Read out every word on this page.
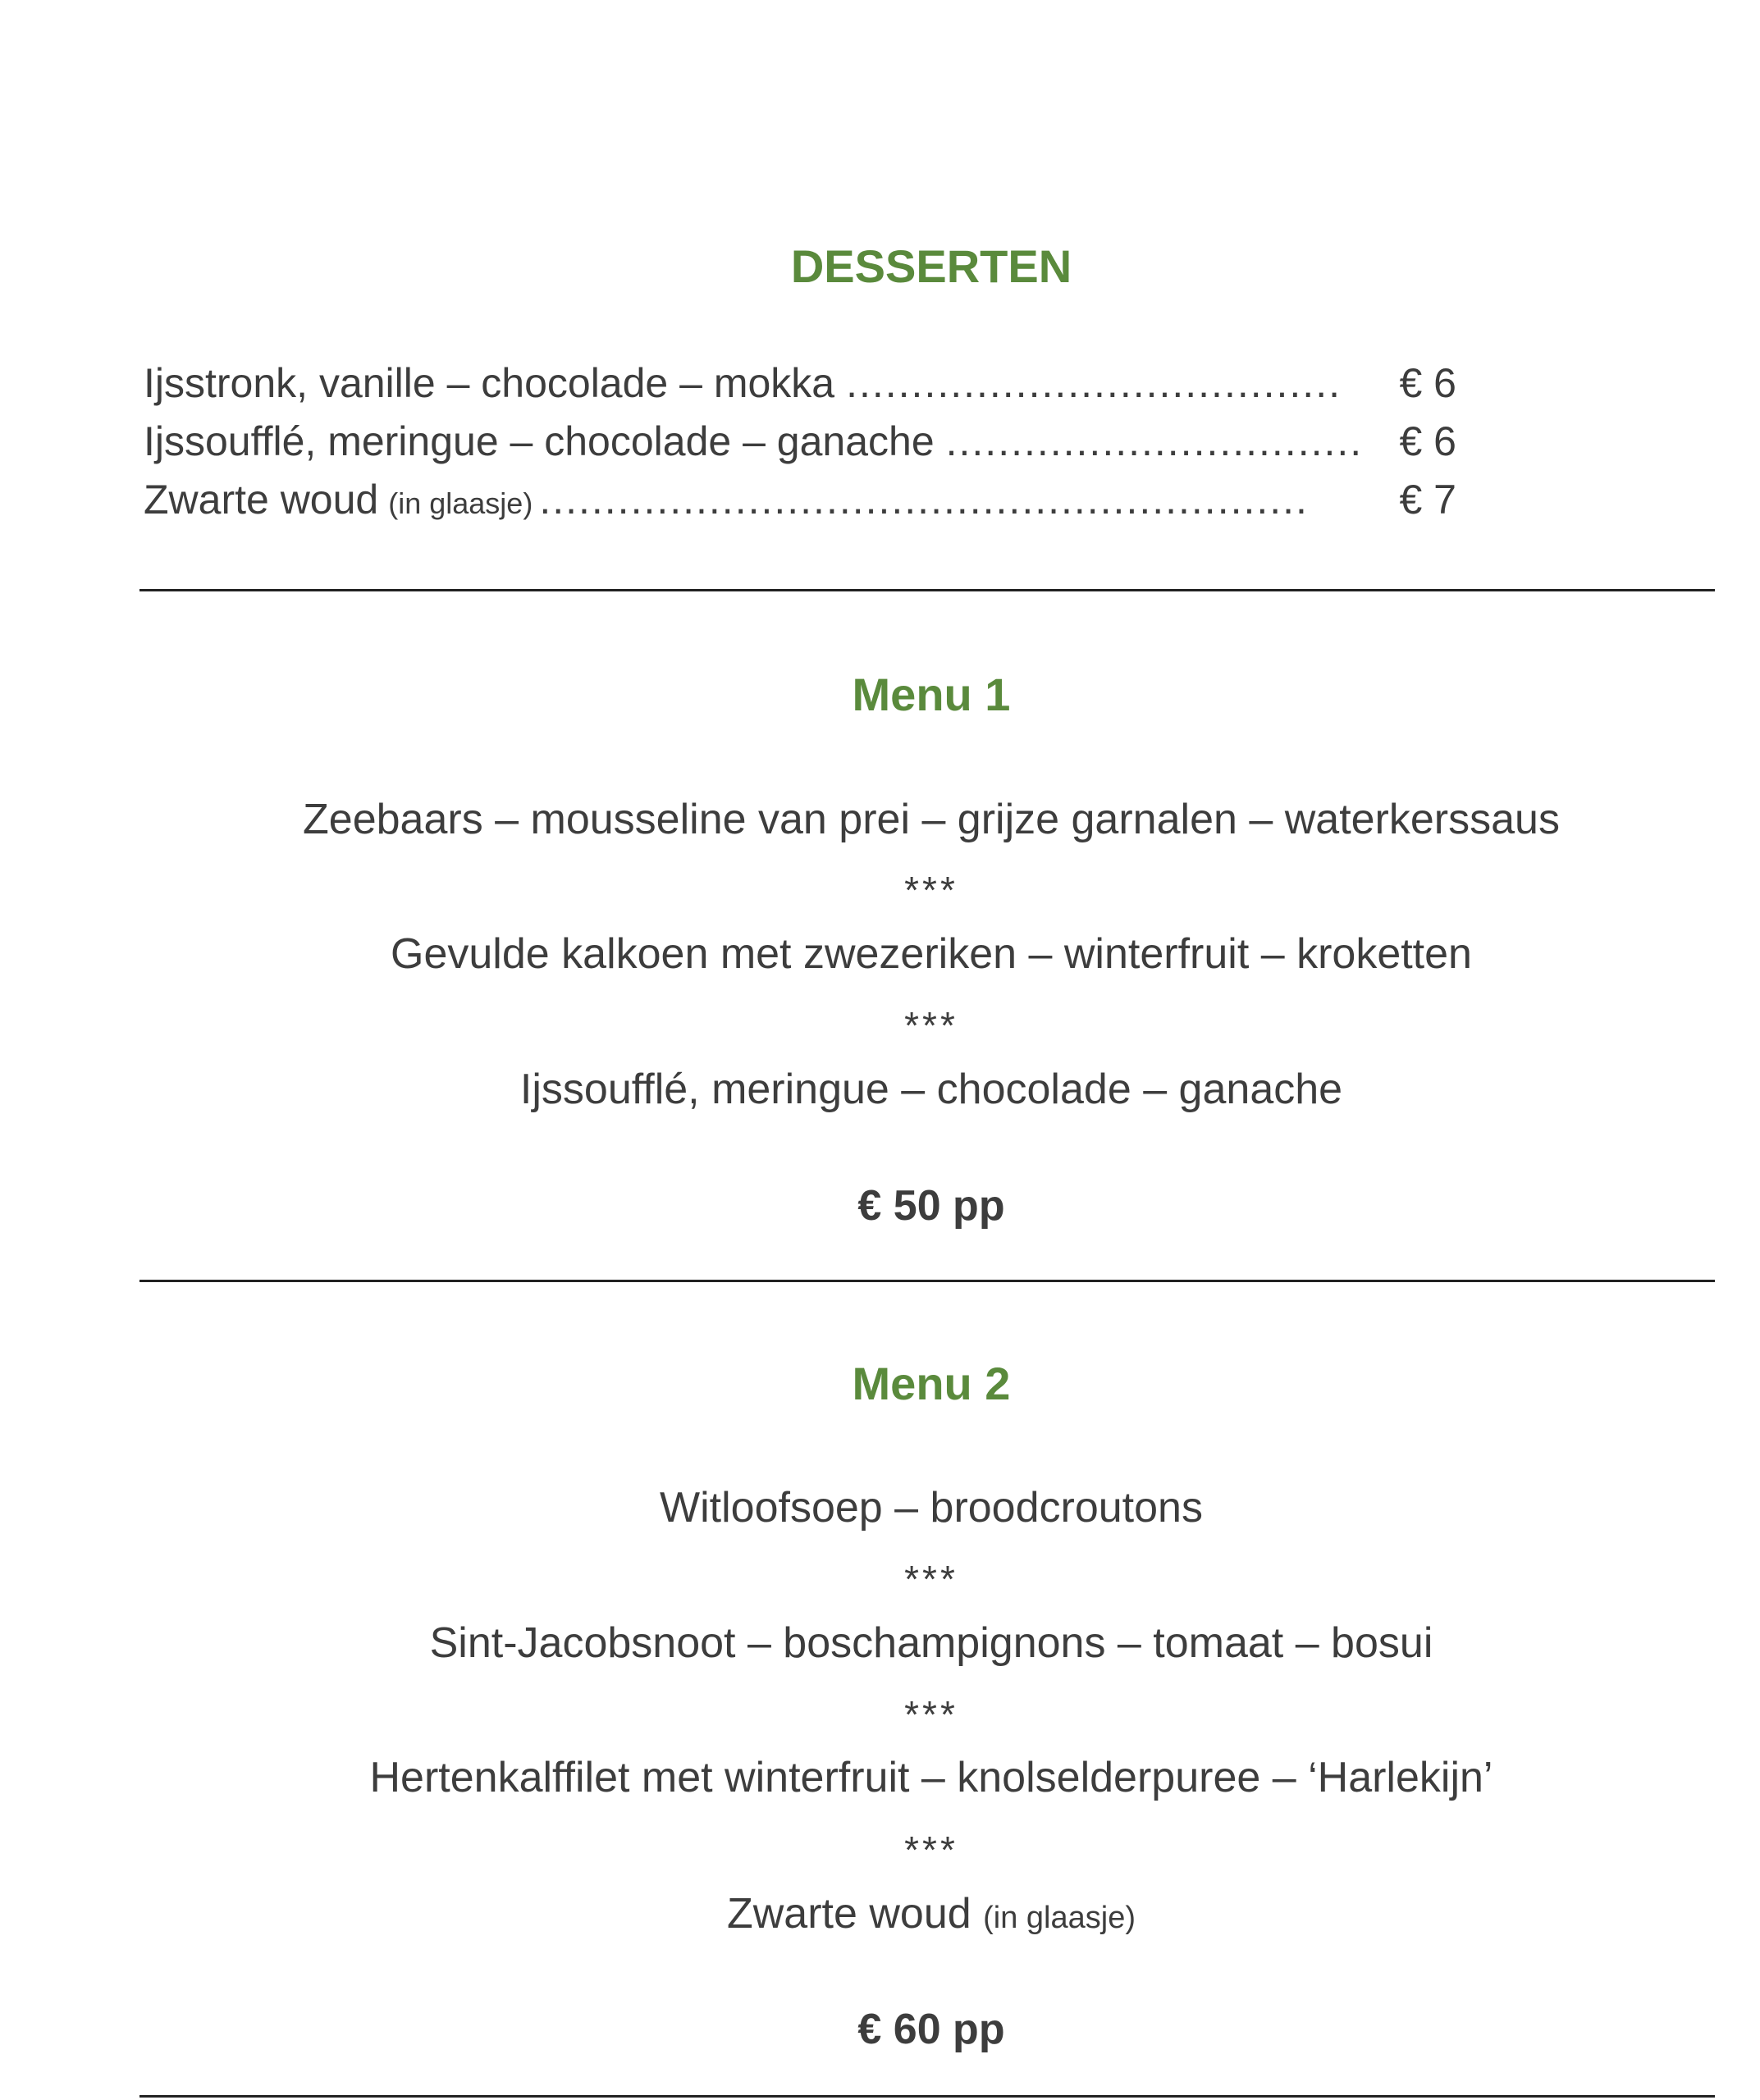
DESSERTEN
Ijsstronk, vanille – chocolade – mokka ...................................... € 6
Ijssoufflé, meringue – chocolade – ganache ................................ € 6
Zwarte woud (in glaasje) ........................................................... € 7
Menu 1
Zeebaars – mousseline van prei – grijze garnalen – waterkerssaus
***
Gevulde kalkoen met zwezeriken – winterfruit – kroketten
***
Ijssoufflé, meringue – chocolade – ganache
€ 50 pp
Menu 2
Witloofsoep – broodcroutons
***
Sint-Jacobsnoot – boschampignons – tomaat – bosui
***
Hertenkalffilet met winterfruit – knolselderpuree – ‘Harlekijn’
***
Zwarte woud (in glaasje)
€ 60 pp
